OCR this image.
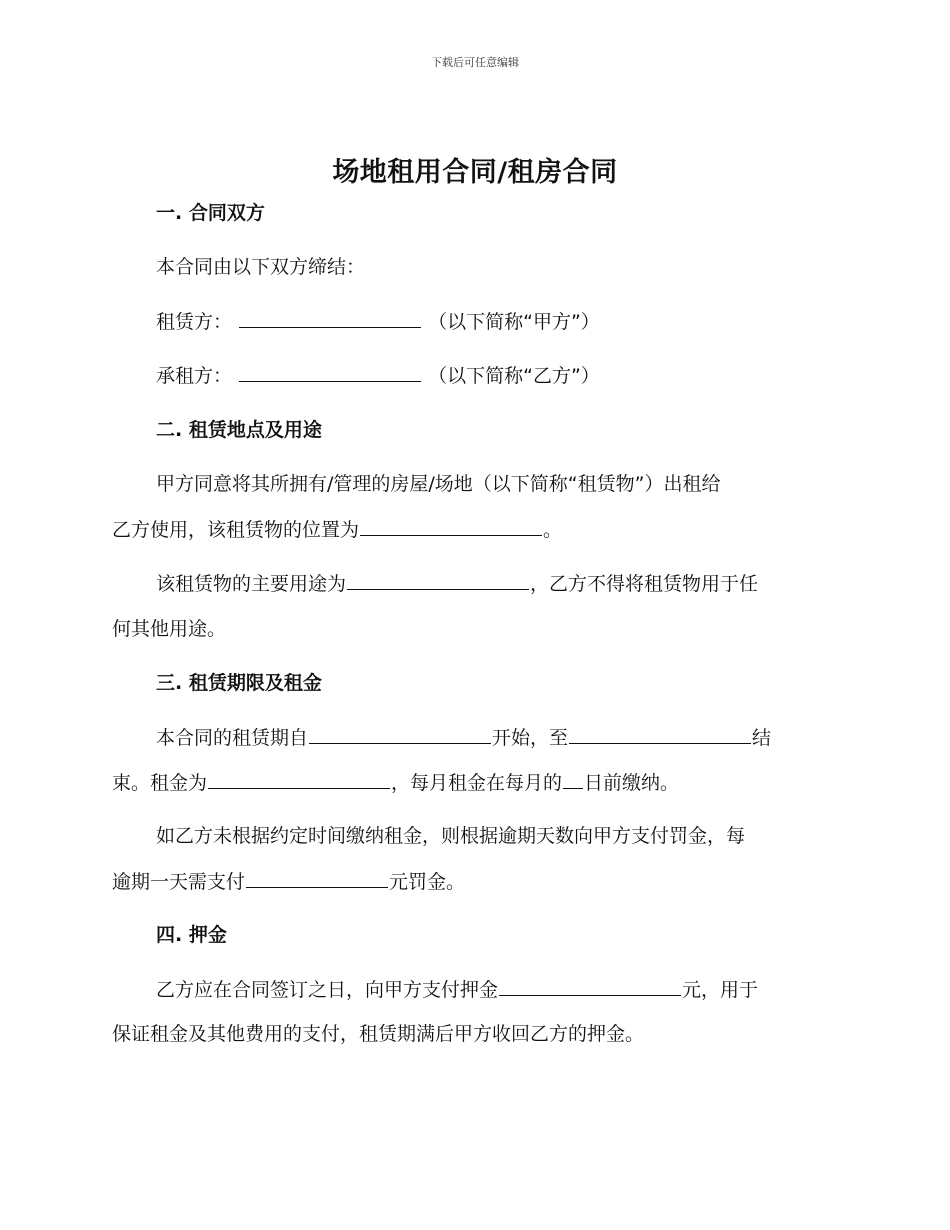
下载后可任意编辑
场地租用合同/租房合同
一. 合同双方
本合同由以下双方缔结：
租赁方：	（以下简称“甲方”）
承租方：	（以下简称“乙方”）
二. 租赁地点及用途
甲方同意将其所拥有/管理的房屋/场地（以下简称“租赁物”）出租给
乙方使用，该租赁物的位置为	。
该租赁物的主要用途为	，乙方不得将租赁物用于任
何其他用途。
三. 租赁期限及租金
本合同的租赁期自	开始，至	结
束。租金为	，每月租金在每月的 日前缴纳。
如乙方未根据约定时间缴纳租金，则根据逾期天数向甲方支付罚金，每
逾期一天需支付	元罚金。
四. 押金
乙方应在合同签订之日，向甲方支付押金	元，用于
保证租金及其他费用的支付，租赁期满后甲方收回乙方的押金。
